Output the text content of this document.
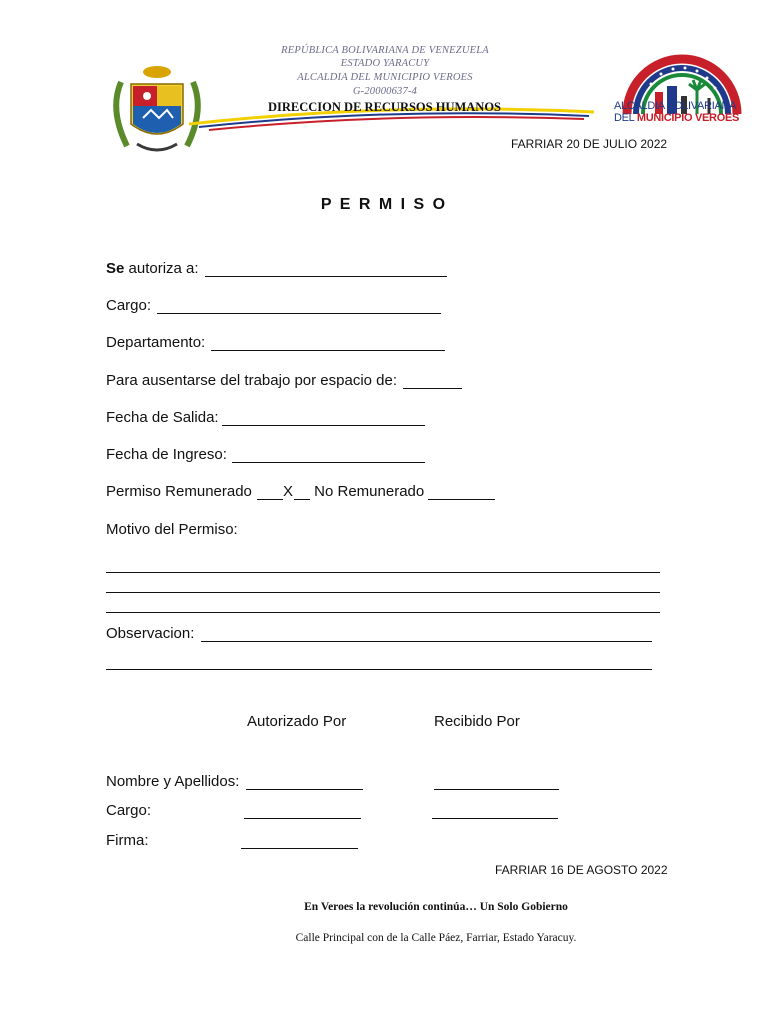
REPÚBLICA BOLIVARIANA DE VENEZUELA
ESTADO YARACUY
ALCALDIA DEL MUNICIPIO VEROES
G-20000637-4

DIRECCION DE RECURSOS HUMANOS

	ALCALDIA BOLIVARIANA

DEL MUNICIPIO VEROES

FARRIAR 20 DE JULIO 2022
P E R M I S O
Se autoriza a:
Cargo:
Departamento:
Para ausentarse del trabajo por espacio de:
Fecha de Salida:
Fecha de Ingreso:
Permiso Remunerado X No Remunerado
Motivo del Permiso:
Observacion:
Autorizado Por	Recibido Por
Nombre y Apellidos:
Cargo:
Firma:
FARRIAR 16 DE AGOSTO 2022
En Veroes la revolución continúa… Un Solo Gobierno
Calle Principal con de la Calle Páez, Farriar, Estado Yaracuy.
